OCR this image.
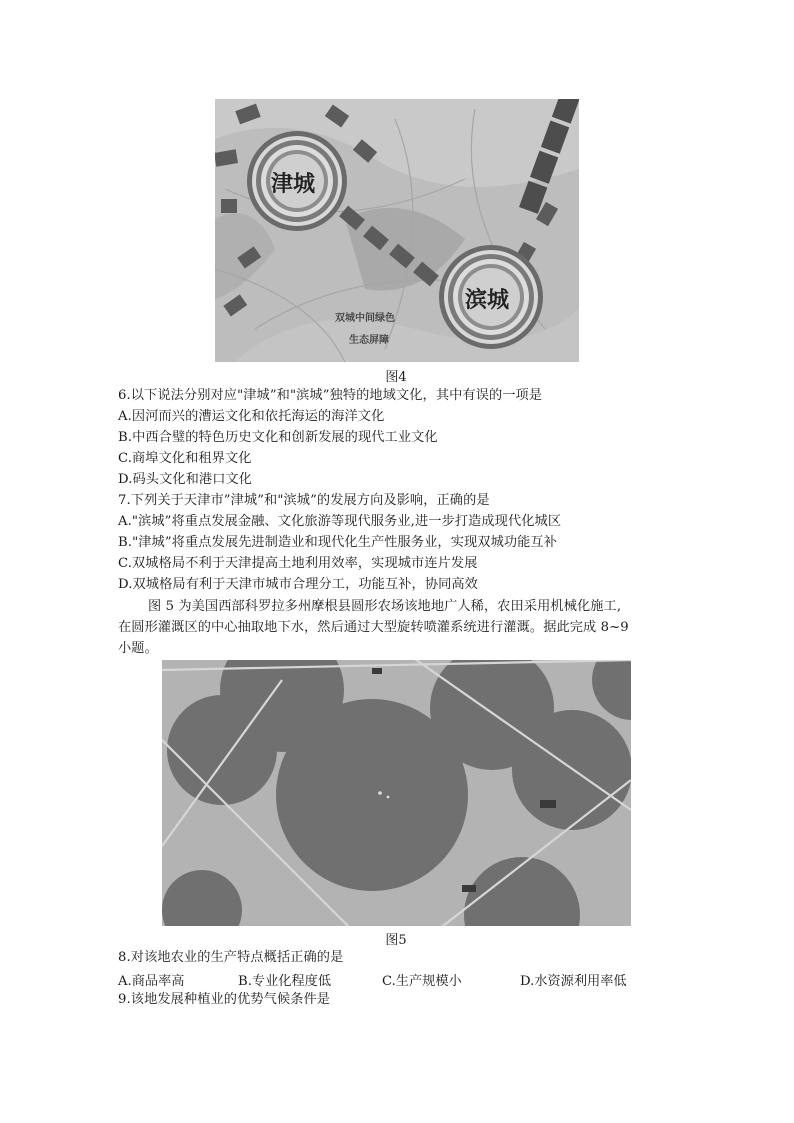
津城
滨城
双城中间绿色
生态屏障
图4
6.以下说法分别对应"津城”和"滨城”独特的地域文化，其中有误的一项是
A.因河而兴的漕运文化和依托海运的海洋文化
B.中西合璧的特色历史文化和创新发展的现代工业文化
C.商埠文化和租界文化
D.码头文化和港口文化
7.下列关于天津市”津城”和"滨城”的发展方向及影响，正确的是
A."滨城”将重点发展金融、文化旅游等现代服务业,进一步打造成现代化城区
B."津城”将重点发展先进制造业和现代化生产性服务业，实现双城功能互补
C.双城格局不利于天津提高土地利用效率，实现城市连片发展
D.双城格局有利于天津市城市合理分工，功能互补，协同高效
图 5 为美国西部科罗拉多州摩根县圆形农场该地地广人稀，农田采用机械化施工,
在圆形灌溉区的中心抽取地下水，然后通过大型旋转喷灌系统进行灌溉。据此完成 8~9
小题。
图5
8.对该地农业的生产特点概括正确的是
A.商品率高	B.专业化程度低	C.生产规模小	D.水资源利用率低
9.该地发展种植业的优势气候条件是
